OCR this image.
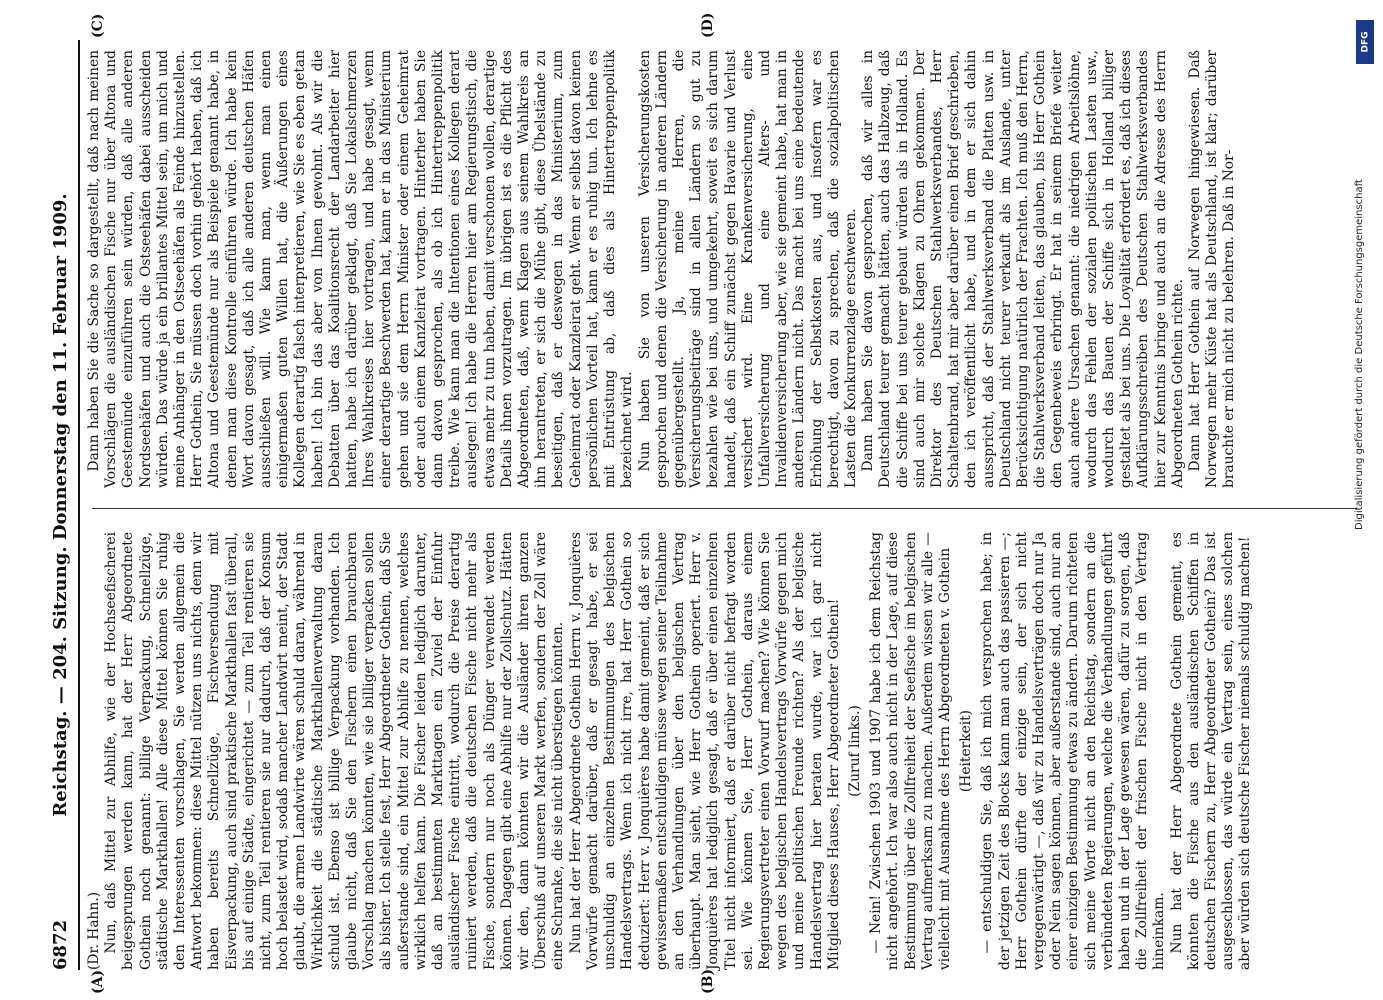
6872
Reichstag. — 204. Sitzung. Donnerstag den 11. Februar 1909.
(A)	(B)
(C)	(D)

(Dr. Hahn.) Nun, daß Mittel zur Abhilfe, wie der Hochseefischerei beigesprungen werden kann, hat der Herr Abgeordnete Gothein noch genannt: billige Verpackung, Schnellzüge, städtische Markthallen! Alle diese Mittel können Sie ruhig den Interessenten vorschlagen, Sie werden allgemein die Antwort bekommen: diese Mittel nützen uns nichts, denn wir haben bereits Schnellzüge, Fischversendung mit Eisverpackung, auch sind praktische Markthallen fast überall, bis auf einige Städte, eingerichtet — zum Teil rentieren sie nicht, zum Teil rentieren sie nur dadurch, daß der Konsum hoch belastet wird, sodaß mancher Landwirt meint, der Stadt glaubt, die armen Landwirte wären schuld daran, während in Wirklichkeit die städtische Markthallenverwaltung daran schuld ist. Ebenso ist billige Verpackung vorhanden. Ich glaube nicht, daß Sie den Fischern einen brauchbaren Vorschlag machen könnten, wie sie billiger verpacken sollen als bisher. Ich stelle fest, Herr Abgeordneter Gothein, daß Sie außerstande sind, ein Mittel zur Abhilfe zu nennen, welches wirklich helfen kann. Die Fischer leiden lediglich darunter, daß an bestimmten Markttagen ein Zuviel der Einfuhr ausländischer Fische eintritt, wodurch die Preise derartig ruiniert werden, daß die deutschen Fische nicht mehr als Fische, sondern nur noch als Dünger verwendet werden können. Dagegen gibt eine Abhilfe nur der Zollschutz. Hätten wir den, dann könnten wir die Ausländer ihren ganzen Überschuß auf unseren Markt werfen, sondern der Zoll wäre eine Schranke, die sie nicht überstiegen könnten. Nun hat der Herr Abgeordnete Gothein Herrn v. Jonquières Vorwürfe gemacht darüber, daß er gesagt habe, er sei unschuldig an einzelnen Bestimmungen des belgischen Handelsvertrags. Wenn ich nicht irre, hat Herr Gothein so deduziert: Herr v. Jonquières habe damit gemeint, daß er sich gewissermaßen entschuldigen müsse wegen seiner Teilnahme an den Verhandlungen über den belgischen Vertrag überhaupt. Man sieht, wie Herr Gothein operiert. Herr v. Jonquières hat lediglich gesagt, daß er über einen einzelnen Titel nicht informiert, daß er darüber nicht befragt worden sei. Wie können Sie, Herr Gothein, daraus einem Regierungsvertreter einen Vorwurf machen? Wie können Sie wegen des belgischen Handelsvertrags Vorwürfe gegen mich und meine politischen Freunde richten? Als der belgische Handelsvertrag hier beraten wurde, war ich gar nicht Mitglied dieses Hauses, Herr Abgeordneter Gothein! (Zuruf links.) — Nein! Zwischen 1903 und 1907 habe ich dem Reichstag nicht angehört. Ich war also auch nicht in der Lage, auf diese Bestimmung über die Zollfreiheit der Seefische im belgischen Vertrag aufmerksam zu machen. Außerdem wissen wir alle — vielleicht mit Ausnahme des Herrn Abgeordneten v. Gothein (Heiterkeit) — entschuldigen Sie, daß ich mich versprochen habe; in der jetzigen Zeit des Blocks kann man auch das passieren —; Herr Gothein dürfte der einzige sein, der sich nicht vergegenwärtigt —, daß wir zu Handelsverträgen doch nur Ja oder Nein sagen können, aber außerstande sind, auch nur an einer einzigen Bestimmung etwas zu ändern. Darum richteten sich meine Worte nicht an den Reichstag, sondern an die verbündeten Regierungen, welche die Verhandlungen geführt haben und in der Lage gewesen wären, dafür zu sorgen, daß die Zollfreiheit der frischen Fische nicht in den Vertrag hineinkam. Nun hat der Herr Abgeordnete Gothein gemeint, es könnten die Fische aus den ausländischen Schiffen in deutschen Fischern zu, Herr Abgeordneter Gothein? Das ist ausgeschlossen, das würde ein Vertrag sein, eines solchen aber würden sich deutsche Fischer niemals schuldig machen!

Dann haben Sie die Sache so dargestellt, daß nach meinen Vorschlägen die ausländischen Fische nur über Altona und Geestemünde einzuführen sein würden, daß alle anderen Nordseehäfen und auch die Ostseehäfen dabei ausscheiden würden. Das würde ja ein brillantes Mittel sein, um mich und meine Anhänger in den Ostseehäfen als Feinde hinzustellen. Herr Gothein, Sie müssen doch vorhin gehört haben, daß ich Altona und Geestemünde nur als Beispiele genannt habe, in denen man diese Kontrolle einführen würde. Ich habe kein Wort davon gesagt, daß ich alle anderen deutschen Häfen ausschließen will. Wie kann man, wenn man einen einigermaßen guten Willen hat, die Äußerungen eines Kollegen derartig falsch interpretieren, wie Sie es eben getan haben! Ich bin das aber von Ihnen gewohnt. Als wir die Debatten über das Koalitionsrecht der Landarbeiter hier hatten, habe ich darüber geklagt, daß Sie Lokalschmerzen Ihres Wahlkreises hier vortragen, und habe gesagt, wenn einer derartige Beschwerden hat, kann er in das Ministerium gehen und sie dem Herrn Minister oder einem Geheimrat oder auch einem Kanzleirat vortragen. Hinterher haben Sie dann davon gesprochen, als ob ich Hintertreppenpolitik treibe. Wie kann man die Intentionen eines Kollegen derart auslegen! Ich habe die Herren hier am Regierungstisch, die etwas mehr zu tun haben, damit verschonen wollen, derartige Details ihnen vorzutragen. Im übrigen ist es die Pflicht des Abgeordneten, daß, wenn Klagen aus seinem Wahlkreis an ihn herantreten, er sich die Mühe gibt, diese Übelstände zu beseitigen, daß er deswegen in das Ministerium, zum Geheimrat oder Kanzleirat geht. Wenn er selbst davon keinen persönlichen Vorteil hat, kann er es ruhig tun. Ich lehne es mit Entrüstung ab, daß dies als Hintertreppenpolitik bezeichnet wird. Nun haben Sie von unseren Versicherungskosten gesprochen und denen die Versicherung in anderen Ländern gegenübergestellt. Ja, meine Herren, die Versicherungsbeiträge sind in allen Ländern so gut zu bezahlen wie bei uns, und umgekehrt, soweit es sich darum handelt, daß ein Schiff zunächst gegen Havarie und Verlust versichert wird. Eine Krankenversicherung, eine Unfallversicherung und eine Alters- und Invalidenversicherung aber, wie sie gemeint habe, hat man in anderen Ländern nicht. Das macht bei uns eine bedeutende Erhöhung der Selbstkosten aus, und insofern war es berechtigt, davon zu sprechen, daß die sozialpolitischen Lasten die Konkurrenzlage erschweren. Dann haben Sie davon gesprochen, daß wir alles in Deutschland teurer gemacht hätten, auch das Halbzeug, daß die Schiffe bei uns teurer gebaut würden als in Holland. Es sind auch mir solche Klagen zu Ohren gekommen. Der Direktor des Deutschen Stahlwerksverbandes, Herr Schaltenbrand, hat mir aber darüber einen Brief geschrieben, den ich veröffentlicht habe, und in dem er sich dahin ausspricht, daß der Stahlwerksverband die Platten usw. in Deutschland nicht teurer verkauft als im Auslande, unter Berücksichtigung natürlich der Frachten. Ich muß den Herrn, die Stahlwerksverband leiten, das glauben, bis Herr Gothein den Gegenbeweis erbringt. Er hat in seinem Briefe weiter auch andere Ursachen genannt: die niedrigen Arbeitslöhne, wodurch das Fehlen der sozialen politischen Lasten usw., wodurch das Bauen der Schiffe sich in Holland billiger gestaltet als bei uns. Die Loyalität erfordert es, daß ich dieses Aufklärungsschreiben des Deutschen Stahlwerksverbandes hier zur Kenntnis bringe und auch an die Adresse des Herrn Abgeordneten Gothein richte. Dann hat Herr Gothein auf Norwegen hingewiesen. Daß Norwegen mehr Küste hat als Deutschland, ist klar; darüber brauchte er mich nicht zu belehren. Daß in Nor-

DFG
Digitalisierung gefördert durch die Deutsche Forschungsgemeinschaft
